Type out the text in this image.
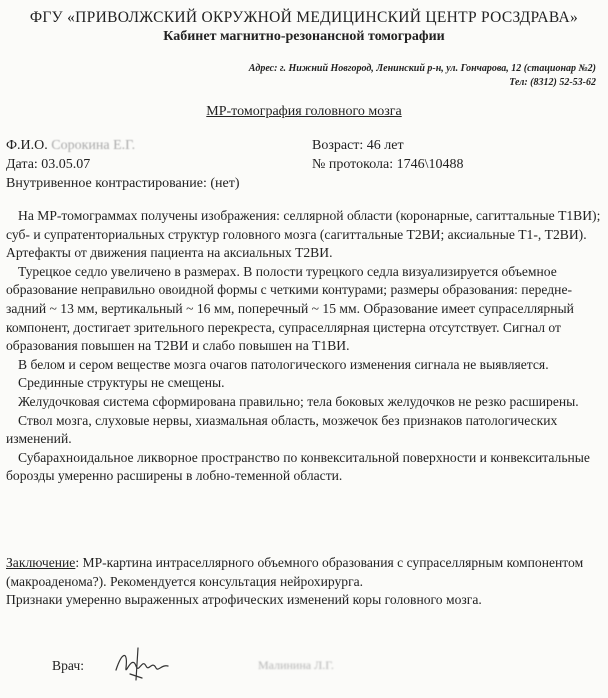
ФГУ «ПРИВОЛЖСКИЙ ОКРУЖНОЙ МЕДИЦИНСКИЙ ЦЕНТР РОСЗДРАВА»
Кабинет магнитно-резонансной томографии
Адрес: г. Нижний Новгород, Ленинский р-н, ул. Гончарова, 12 (стационар №2)
Тел: (8312) 52-53-62
МР-томография головного мозга
Ф.И.О. Сорокина Е.Г.	Возраст: 46 лет
Дата: 03.05.07	№ протокола: 1746\10488
Внутривенное контрастирование: (нет)

На МР-томограммах получены изображения: селлярной области (коронарные, сагиттальные Т1ВИ); суб- и супратенториальных структур головного мозга (сагиттальные Т2ВИ; аксиальные Т1-, Т2ВИ). Артефакты от движения пациента на аксиальных Т2ВИ.

Турецкое седло увеличено в размерах. В полости турецкого седла визуализируется объемное образование неправильно овоидной формы с четкими контурами; размеры образования: передне-задний ~ 13 мм, вертикальный ~ 16 мм, поперечный ~ 15 мм. Образование имеет супраселлярный компонент, достигает зрительного перекреста, супраселлярная цистерна отсутствует. Сигнал от образования повышен на Т2ВИ и слабо повышен на Т1ВИ.

В белом и сером веществе мозга очагов патологического изменения сигнала не выявляется.

Срединные структуры не смещены.

Желудочковая система сформирована правильно; тела боковых желудочков не резко расширены.

Ствол мозга, слуховые нервы, хиазмальная область, мозжечок без признаков патологических изменений.

Субарахноидальное ликворное пространство по конвекситальной поверхности и конвекситальные борозды умеренно расширены в лобно-теменной области.

Заключение: МР-картина интраселлярного объемного образования с супраселлярным компонентом (макроаденома?). Рекомендуется консультация нейрохирурга.

Признаки умеренно выраженных атрофических изменений коры головного мозга.

Врач:	Малинина Л.Г.
